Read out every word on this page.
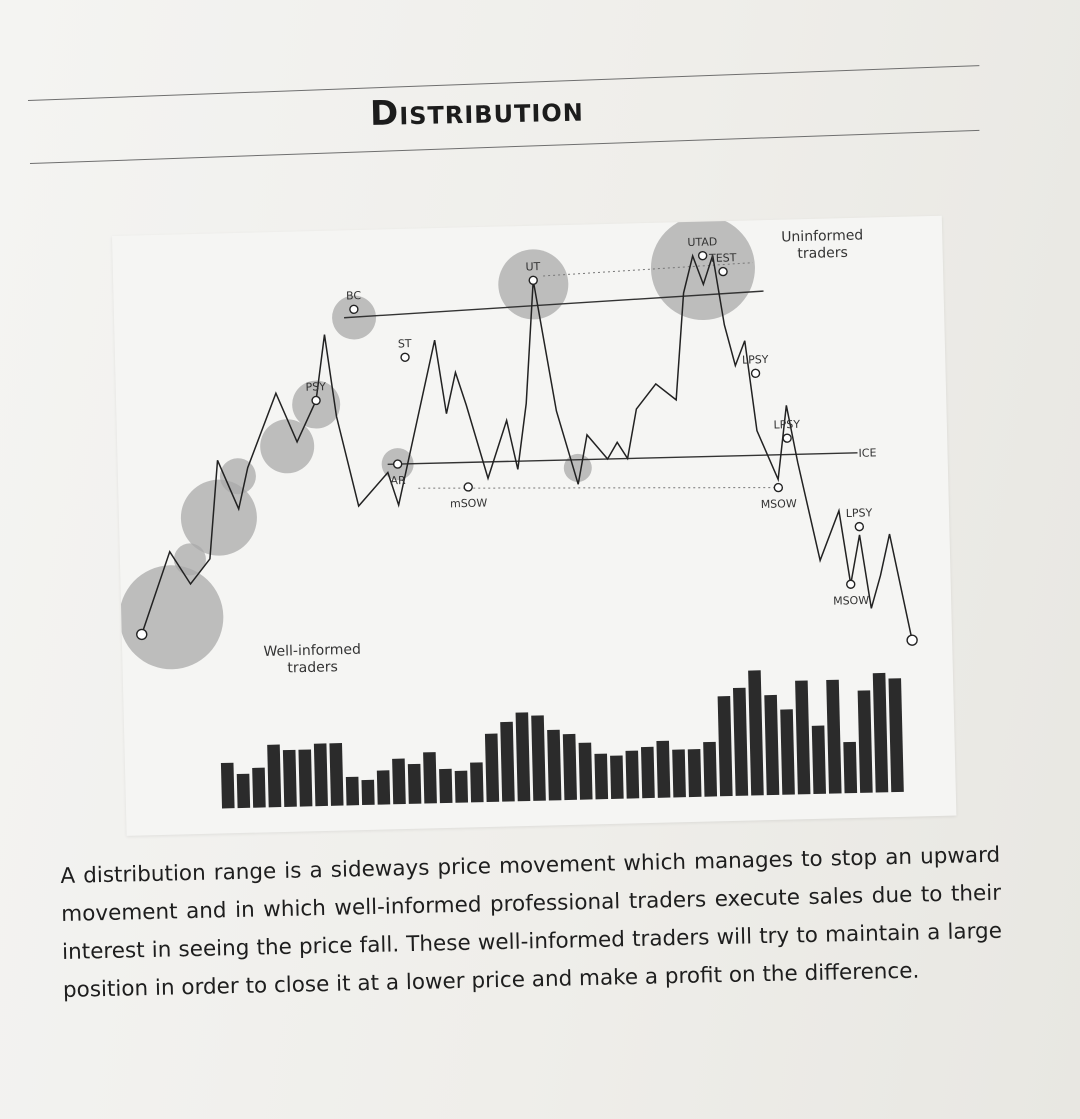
Distribution
PSY
BC
ST
AR
mSOW
UT
UTAD
TEST
LPSY
LPSY
MSOW
ICE
LPSY
MSOW
Uninformedtraders
Well-informedtraders
A distribution range is a sideways price movement which manages to stop an upward movement and in which well-informed professional traders execute sales due to their interest in seeing the price fall. These well-informed traders will try to maintain a large position in order to close it at a lower price and make a profit on the difference.
